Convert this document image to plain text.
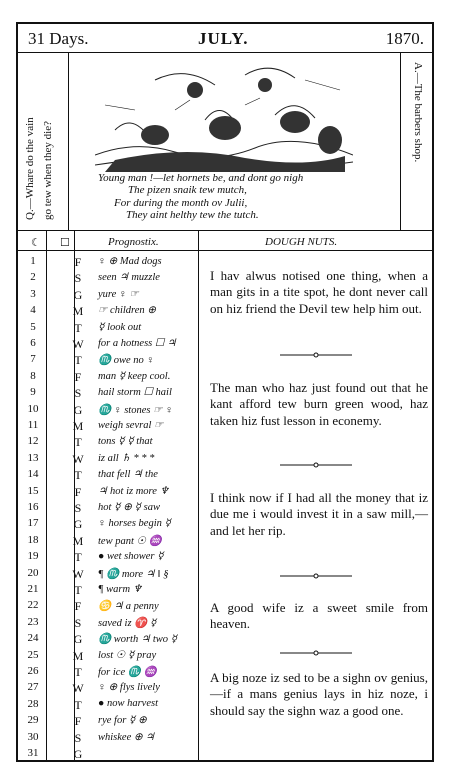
31 Days.	JULY.	1870.
Q.—Whare do the vain go tew when they die?
A.—The barbers shop.
Young man !—let hornets be, and dont go nigh
The pizen snaik tew mutch,
For during the month ov Julii,
They aint helthy tew the tutch.
☾ ☐	Prognostix.	DOUGH NUTS.
1	F	♀ ⊕ Mad dogs
2	S	seen ♃ muzzle
3	G	yure ♀ ☞
4	M ☞ children ⊕
5	T	☿ look out
6	W for a hotness ☐ ♃
7	T	♏ owe no ♀
8	F	man ☿ keep cool.
9	S	hail storm ☐ hail
10	G	♏ ♀ stones ☞ ♀
11	M weigh sevral ☞
12	T	tons ☿ ☿ that
13	W iz all ♄ * * *
14	T	that fell ♃ the
15	F	♃ hot iz more ♆
16	S	hot ☿ ⊕ ☿ saw
17	G	♀ horses begin ☿
18	M tew pant ☉ ♒
19	T	● wet shower ☿
20	W ¶ ♏ more ♃ ‖ §
21	T	¶ warm ♆
22	F	♋ ♃ a penny
23	S	saved iz ♈ ☿
24	G	♏ worth ♃ two ☿
25	M lost ☉ ☿ pray
26	T	for ice ♏ ♒
27	W ♀ ⊕ flys lively
28	T	● now harvest
29	F	rye for ☿ ⊕
30	S	whiskee ⊕ ♃
31	G
I hav alwus notised one thing, when a man gits in a tite spot, he dont never call on hiz friend the Devil tew help him out.
The man who haz just found out that he kant afford tew burn green wood, haz taken hiz fust lesson in econemy.
I think now if I had all the money that iz due me i would invest it in a saw mill,—and let her rip.
A good wife iz a sweet smile from heaven.
A big noze iz sed to be a sighn ov genius,—if a mans genius lays in hiz noze, i should say the sighn waz a good one.
